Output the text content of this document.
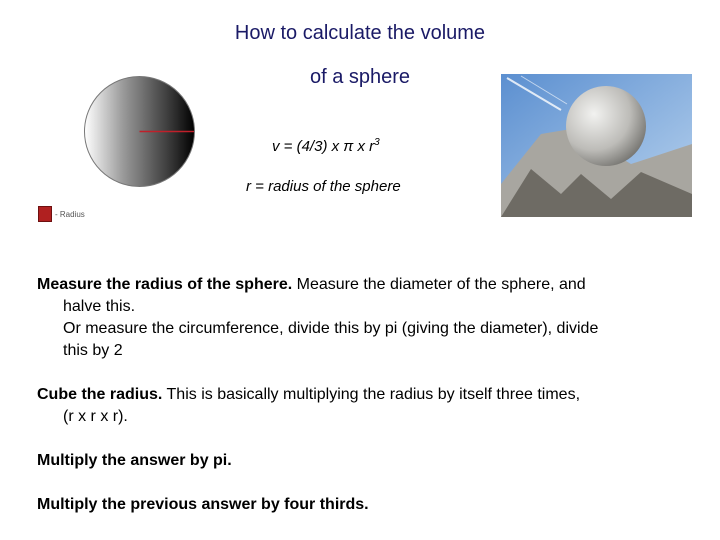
How to calculate the volume
of a sphere
- Radius
v = (4/3) x π x $r^3$
r = radius of the sphere
Measure the radius of the sphere. Measure the diameter of the sphere, and
halve this.
Or measure the circumference, divide this by pi (giving the diameter), divide
this by 2
Cube the radius. This is basically multiplying the radius by itself three times,
(r x r x r).
Multiply the answer by pi.
Multiply the previous answer by four thirds.
